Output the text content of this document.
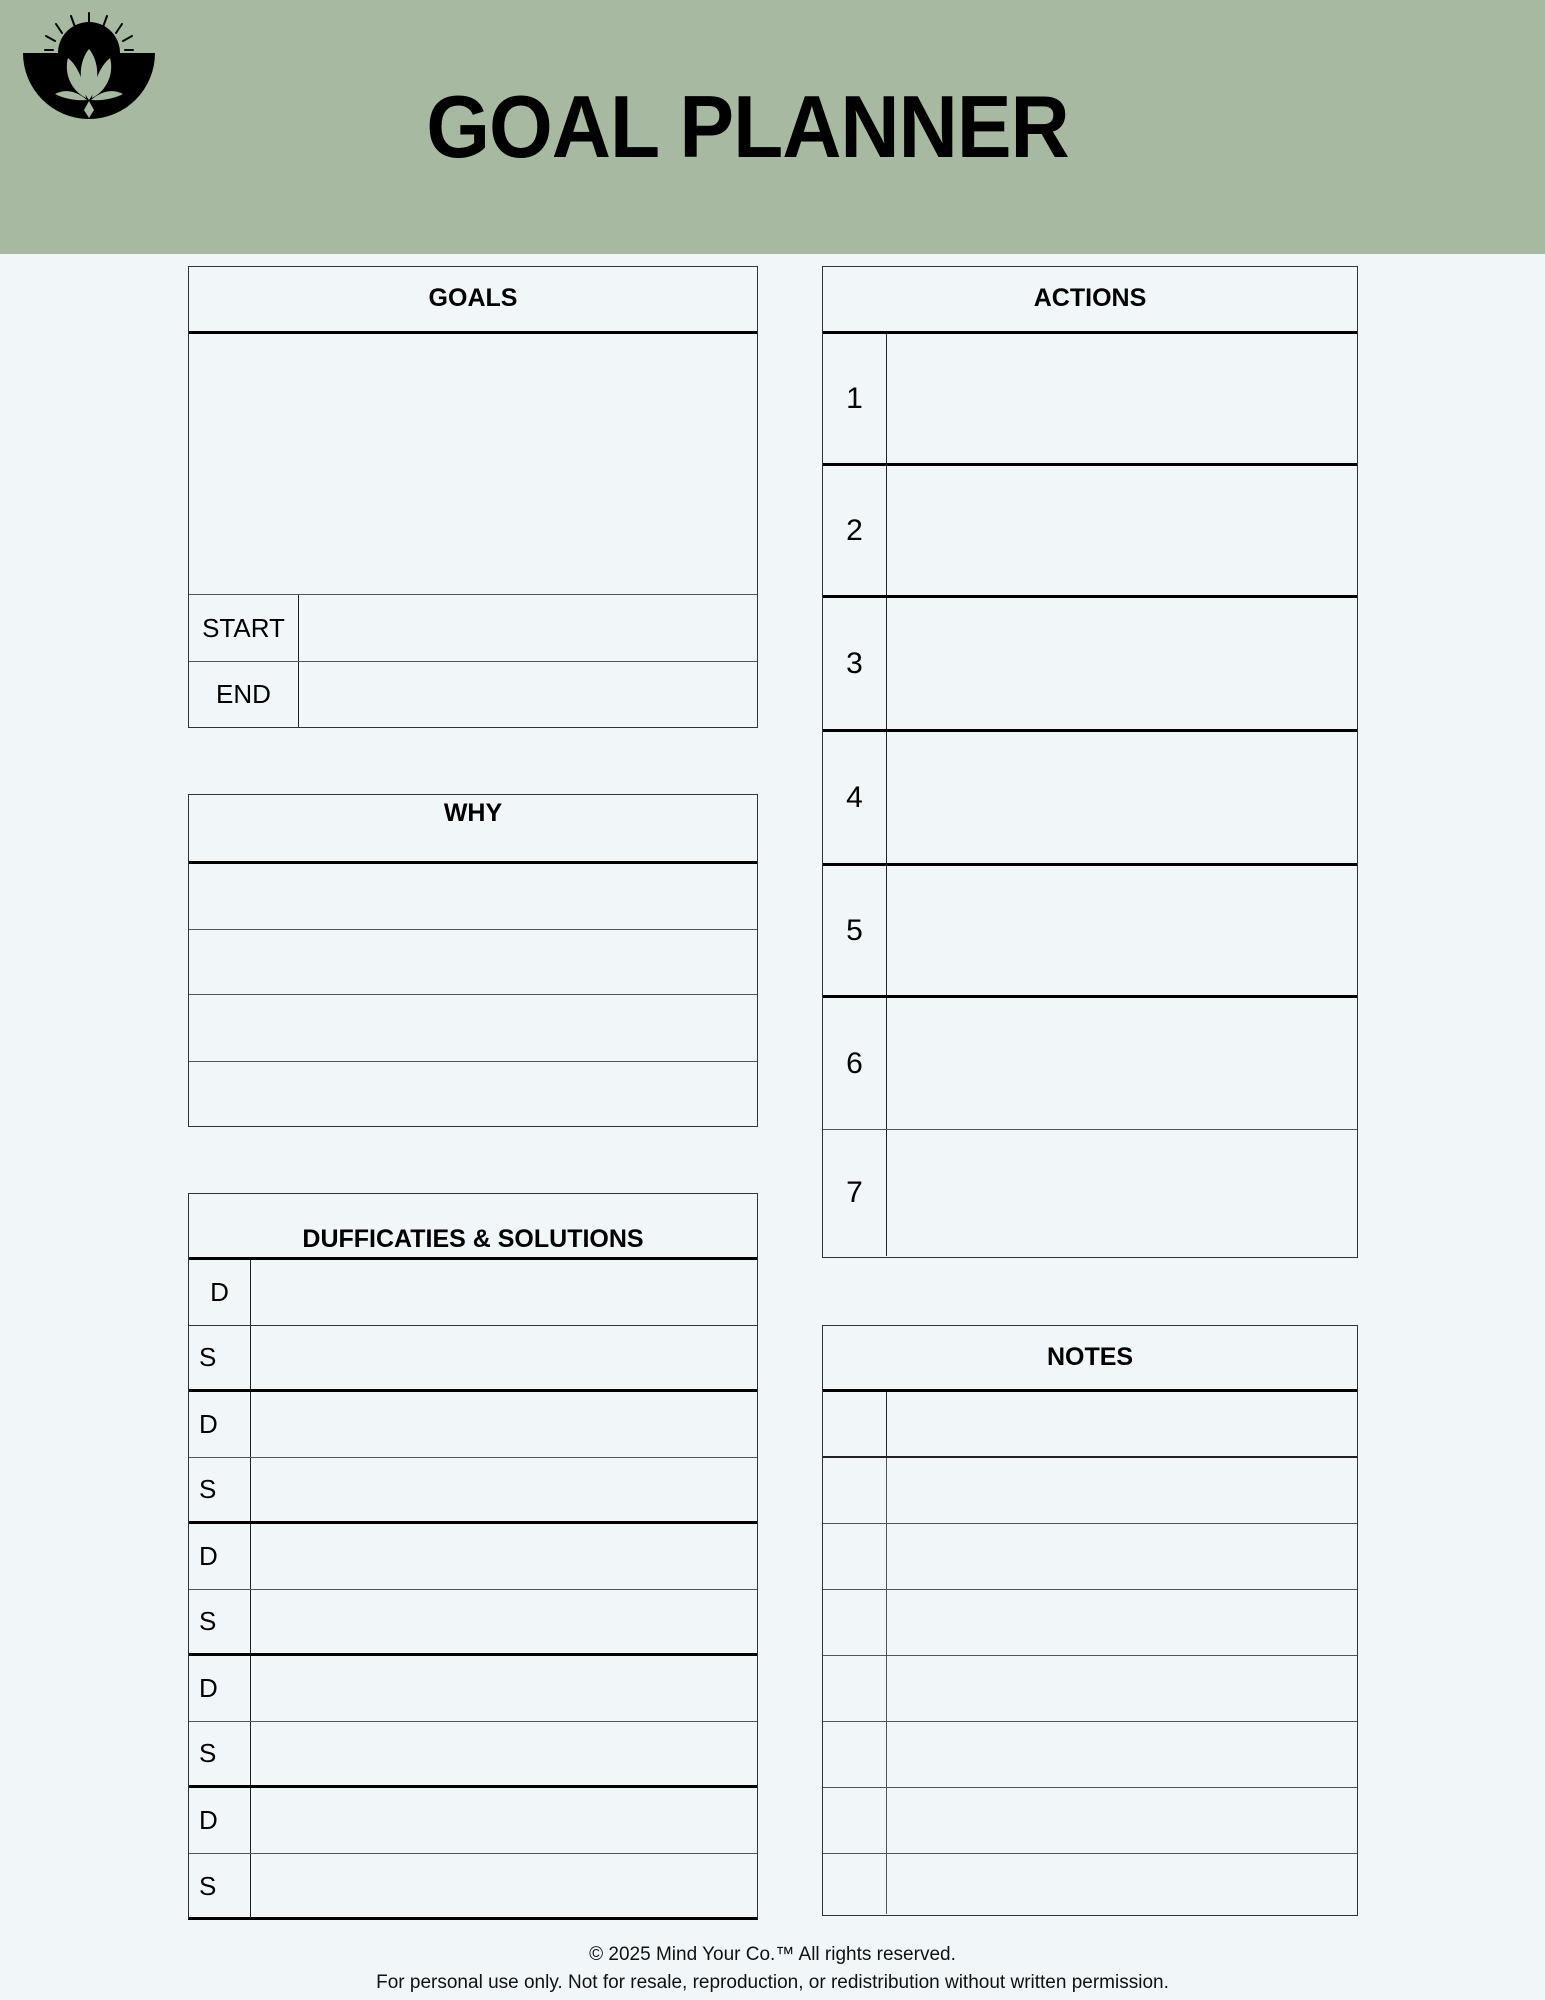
GOAL PLANNER
GOALS
START
END
WHY
DUFFICATIES & SOLUTIONS
D
S
D
S
D
S
D
S
D
S
ACTIONS
1
2
3
4
5
6
7
NOTES
© 2025 Mind Your Co.™ All rights reserved.
For personal use only. Not for resale, reproduction, or redistribution without written permission.
